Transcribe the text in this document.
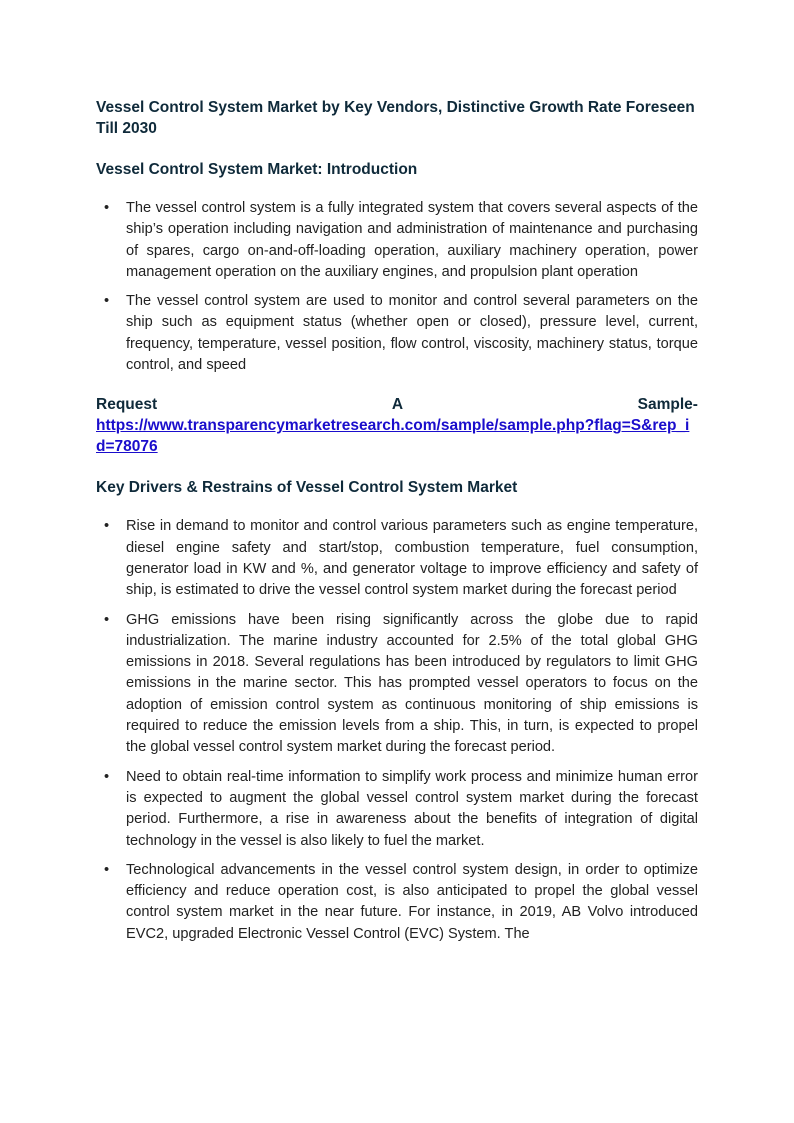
Vessel Control System Market by Key Vendors, Distinctive Growth Rate Foreseen Till 2030
Vessel Control System Market: Introduction
• The vessel control system is a fully integrated system that covers several aspects of the ship’s operation including navigation and administration of maintenance and purchasing of spares, cargo on-and-off-loading operation, auxiliary machinery operation, power management operation on the auxiliary engines, and propulsion plant operation
• The vessel control system are used to monitor and control several parameters on the ship such as equipment status (whether open or closed), pressure level, current, frequency, temperature, vessel position, flow control, viscosity, machinery status, torque control, and speed
Request	A	Sample-
https://www.transparencymarketresearch.com/sample/sample.php?flag=S&rep_id=78076
Key Drivers & Restrains of Vessel Control System Market
• Rise in demand to monitor and control various parameters such as engine temperature, diesel engine safety and start/stop, combustion temperature, fuel consumption, generator load in KW and %, and generator voltage to improve efficiency and safety of ship, is estimated to drive the vessel control system market during the forecast period
• GHG emissions have been rising significantly across the globe due to rapid industrialization. The marine industry accounted for 2.5% of the total global GHG emissions in 2018. Several regulations has been introduced by regulators to limit GHG emissions in the marine sector. This has prompted vessel operators to focus on the adoption of emission control system as continuous monitoring of ship emissions is required to reduce the emission levels from a ship. This, in turn, is expected to propel the global vessel control system market during the forecast period.
• Need to obtain real-time information to simplify work process and minimize human error is expected to augment the global vessel control system market during the forecast period. Furthermore, a rise in awareness about the benefits of integration of digital technology in the vessel is also likely to fuel the market.
• Technological advancements in the vessel control system design, in order to optimize efficiency and reduce operation cost, is also anticipated to propel the global vessel control system market in the near future. For instance, in 2019, AB Volvo introduced EVC2, upgraded Electronic Vessel Control (EVC) System. The
